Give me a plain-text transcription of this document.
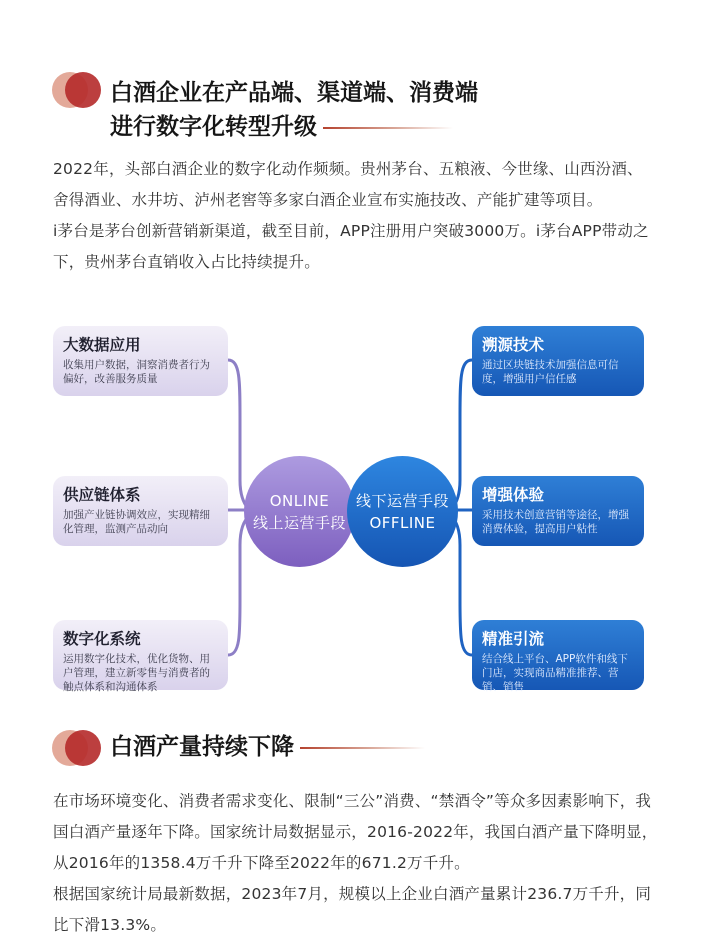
白酒企业在产品端、渠道端、消费端
进行数字化转型升级

2022年，头部白酒企业的数字化动作频频。贵州茅台、五粮液、今世缘、山西汾酒、舍得酒业、水井坊、泸州老窖等多家白酒企业宣布实施技改、产能扩建等项目。

i茅台是茅台创新营销新渠道，截至目前，APP注册用户突破3000万。i茅台APP带动之下，贵州茅台直销收入占比持续提升。

大数据应用
收集用户数据，洞察消费者行为偏好，改善服务质量
供应链体系
加强产业链协调效应，实现精细化管理，监测产品动向
数字化系统
运用数字化技术，优化货物、用户管理，建立新零售与消费者的触点体系和沟通体系
溯源技术
通过区块链技术加强信息可信度，增强用户信任感
增强体验
采用技术创意营销等途径，增强消费体验，提高用户粘性
精准引流
结合线上平台、APP软件和线下门店，实现商品精准推荐、营销、销售
ONLINE
线上运营手段
线下运营手段
OFFLINE
白酒产量持续下降

在市场环境变化、消费者需求变化、限制“三公”消费、“禁酒令”等众多因素影响下，我国白酒产量逐年下降。国家统计局数据显示，2016-2022年，我国白酒产量下降明显，从2016年的1358.4万千升下降至2022年的671.2万千升。

根据国家统计局最新数据，2023年7月，规模以上企业白酒产量累计236.7万千升，同比下滑13.3%。
